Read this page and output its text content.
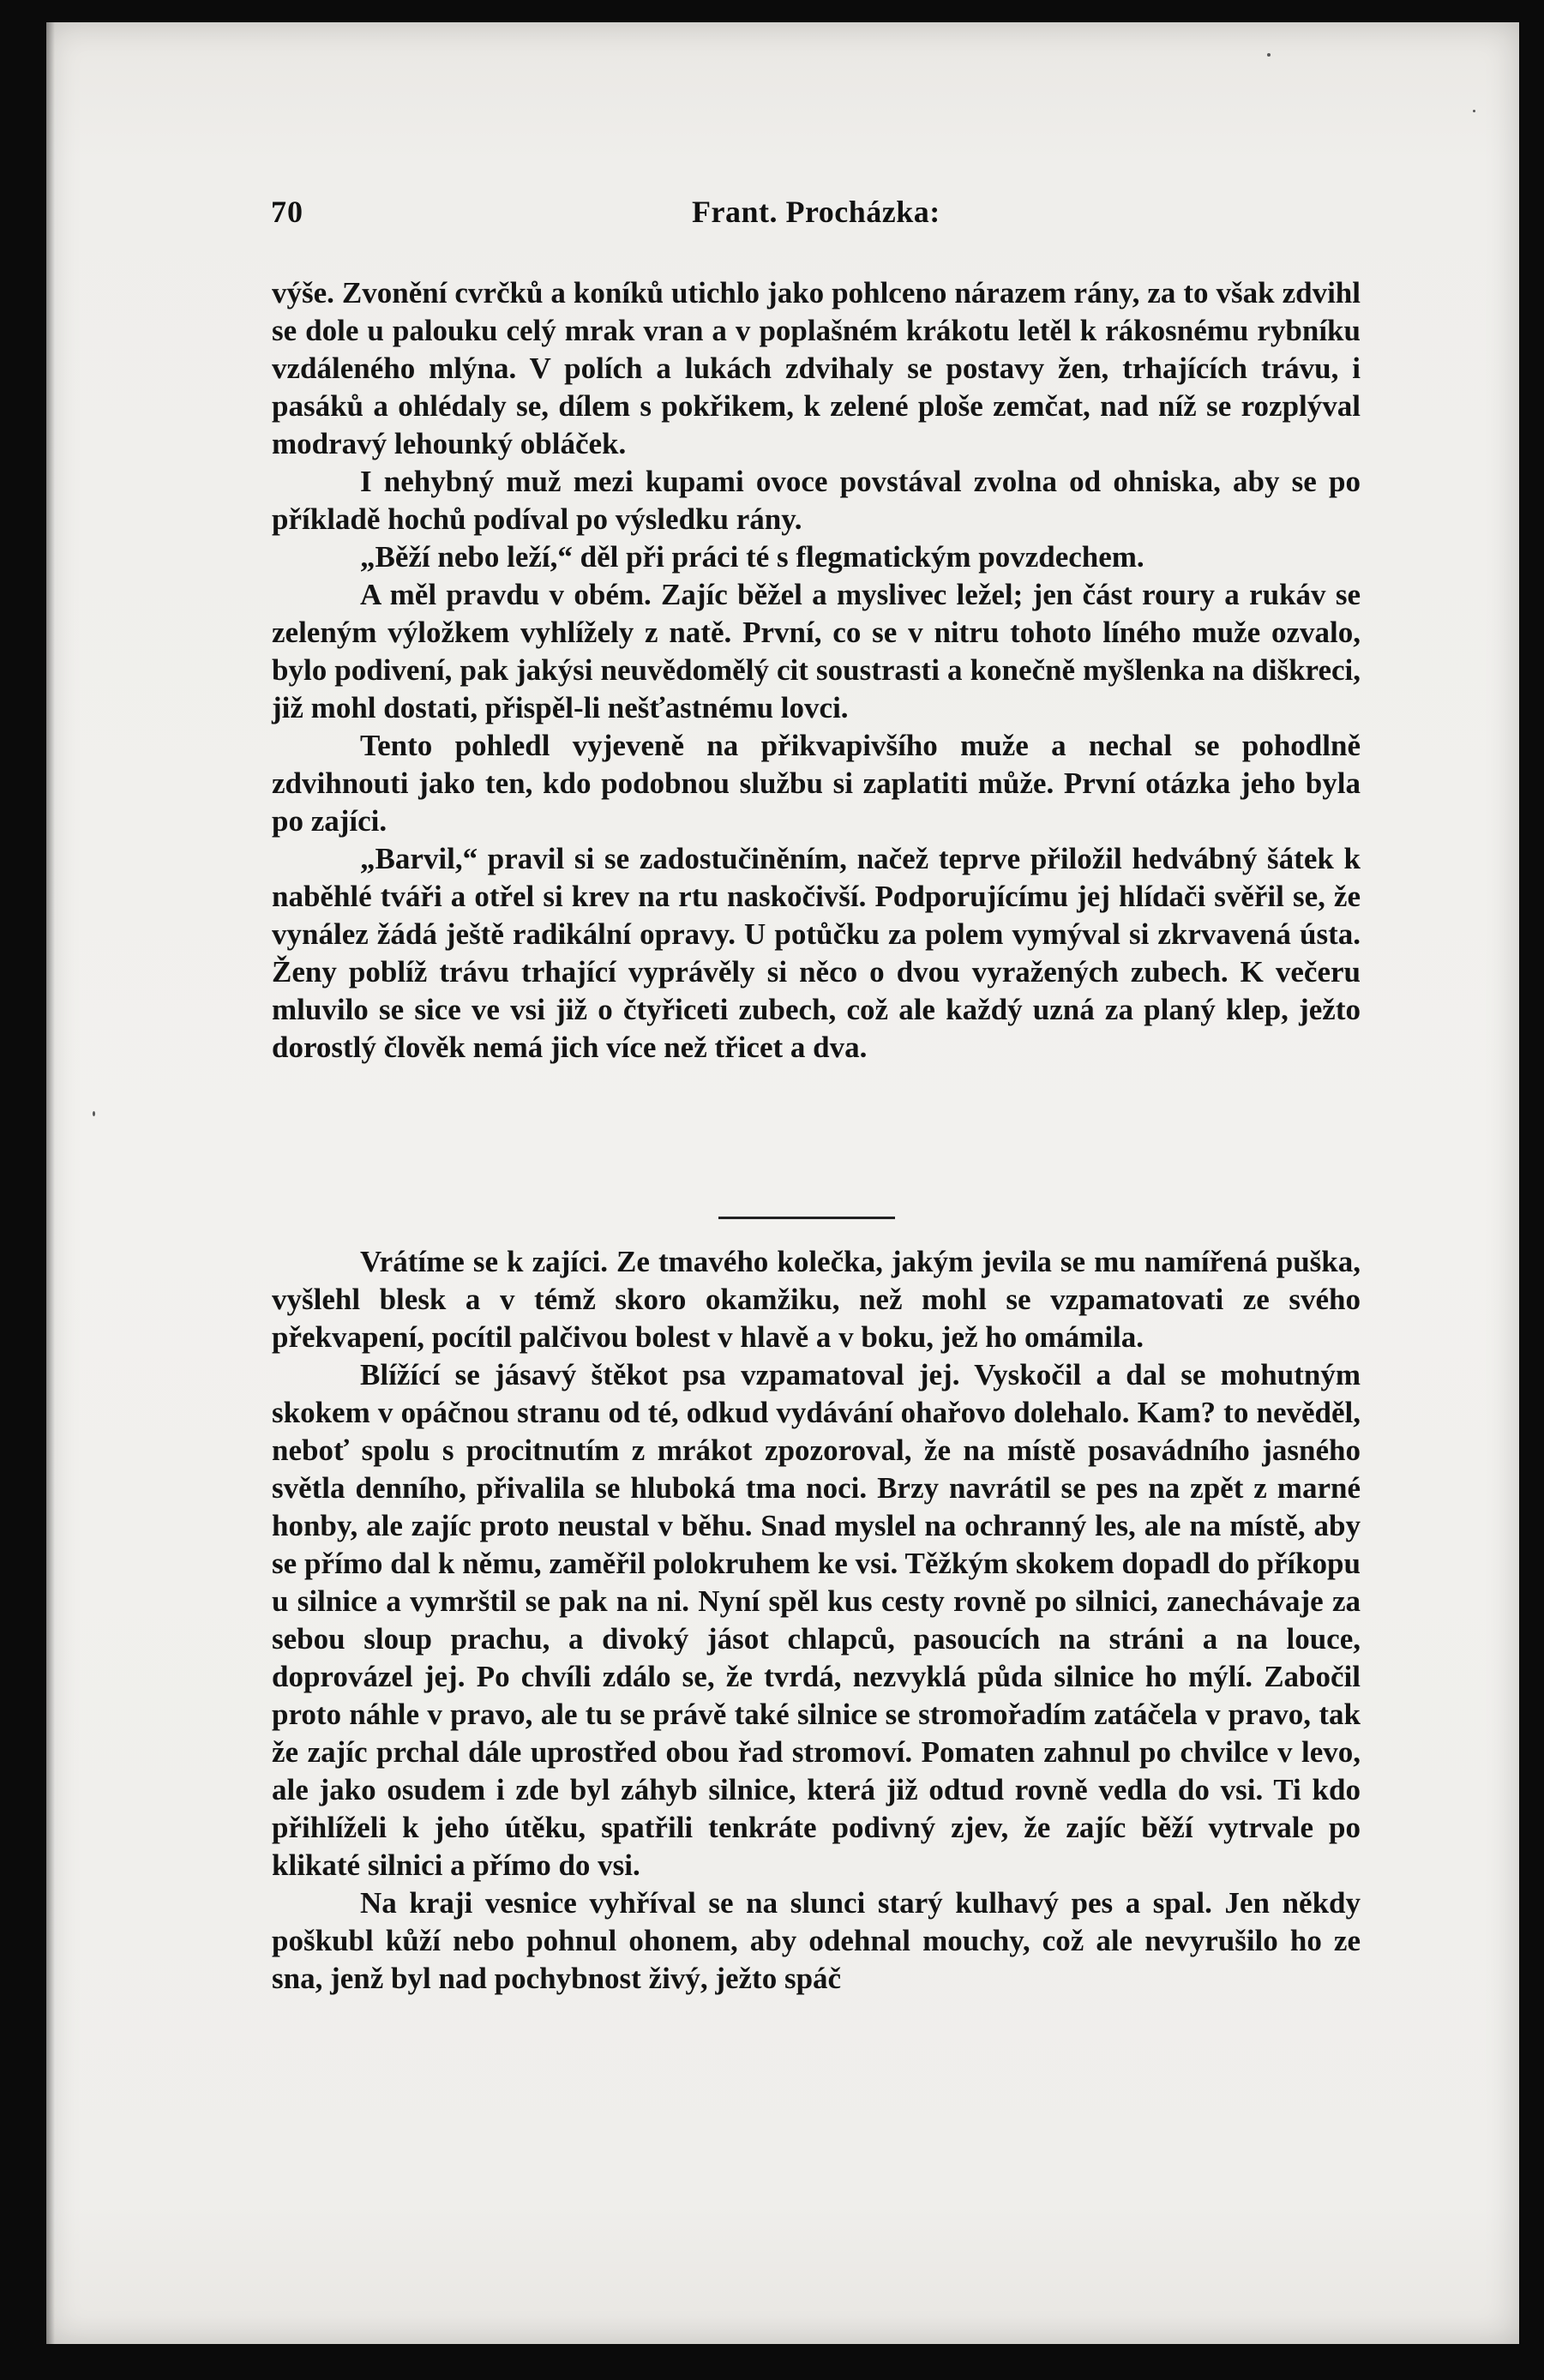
70	Frant. Procházka:

výše. Zvonění cvrčků a koníků utichlo jako pohlceno nárazem rány, za to však zdvihl se dole u palouku celý mrak vran a v poplašném krákotu letěl k rákosnému rybníku vzdáleného mlýna. V polích a lukách zdvihaly se postavy žen, trhajících trávu, i pasáků a ohlédaly se, dílem s pokřikem, k zelené ploše zemčat, nad níž se rozplýval modravý lehounký obláček.

I nehybný muž mezi kupami ovoce povstával zvolna od ohniska, aby se po příkladě hochů podíval po výsledku rány.

„Běží nebo leží,“ děl při práci té s flegmatickým povzdechem.

A měl pravdu v obém. Zajíc běžel a myslivec ležel; jen část roury a rukáv se zeleným výložkem vyhlížely z natě. První, co se v nitru tohoto líného muže ozvalo, bylo podivení, pak jakýsi neuvědomělý cit soustrasti a konečně myšlenka na diškreci, již mohl dostati, přispěl-li nešťastnému lovci.

Tento pohledl vyjeveně na přikvapivšího muže a nechal se pohodlně zdvihnouti jako ten, kdo podobnou službu si zaplatiti může. První otázka jeho byla po zajíci.

„Barvil,“ pravil si se zadostučiněním, načež teprve přiložil hedvábný šátek k naběhlé tváři a otřel si krev na rtu naskočivší. Podporujícímu jej hlídači svěřil se, že vynález žádá ještě radikální opravy. U potůčku za polem vymýval si zkrvavená ústa. Ženy poblíž trávu trhající vyprávěly si něco o dvou vyražených zubech. K večeru mluvilo se sice ve vsi již o čtyřiceti zubech, což ale každý uzná za planý klep, ježto dorostlý člověk nemá jich více než třicet a dva.

Vrátíme se k zajíci. Ze tmavého kolečka, jakým jevila se mu namířená puška, vyšlehl blesk a v témž skoro okamžiku, než mohl se vzpamatovati ze svého překvapení, pocítil palčivou bolest v hlavě a v boku, jež ho omámila.

Blížící se jásavý štěkot psa vzpamatoval jej. Vyskočil a dal se mohutným skokem v opáčnou stranu od té, odkud vydávání ohařovo dolehalo. Kam? to nevěděl, neboť spolu s procitnutím z mrákot zpozoroval, že na místě posavádního jasného světla denního, přivalila se hluboká tma noci. Brzy navrátil se pes na zpět z marné honby, ale zajíc proto neustal v běhu. Snad myslel na ochranný les, ale na místě, aby se přímo dal k němu, zaměřil polokruhem ke vsi. Těžkým skokem dopadl do příkopu u silnice a vymrštil se pak na ni. Nyní spěl kus cesty rovně po silnici, zanechávaje za sebou sloup prachu, a divoký jásot chlapců, pasoucích na stráni a na louce, doprovázel jej. Po chvíli zdálo se, že tvrdá, nezvyklá půda silnice ho mýlí. Zabočil proto náhle v pravo, ale tu se právě také silnice se stromořadím zatáčela v pravo, tak že zajíc prchal dále uprostřed obou řad stromoví. Pomaten zahnul po chvilce v levo, ale jako osudem i zde byl záhyb silnice, která již odtud rovně vedla do vsi. Ti kdo přihlíželi k jeho útěku, spatřili tenkráte podivný zjev, že zajíc běží vytrvale po klikaté silnici a přímo do vsi.

Na kraji vesnice vyhříval se na slunci starý kulhavý pes a spal. Jen někdy poškubl kůží nebo pohnul ohonem, aby odehnal mouchy, což ale nevyrušilo ho ze sna, jenž byl nad pochybnost živý, ježto spáč
